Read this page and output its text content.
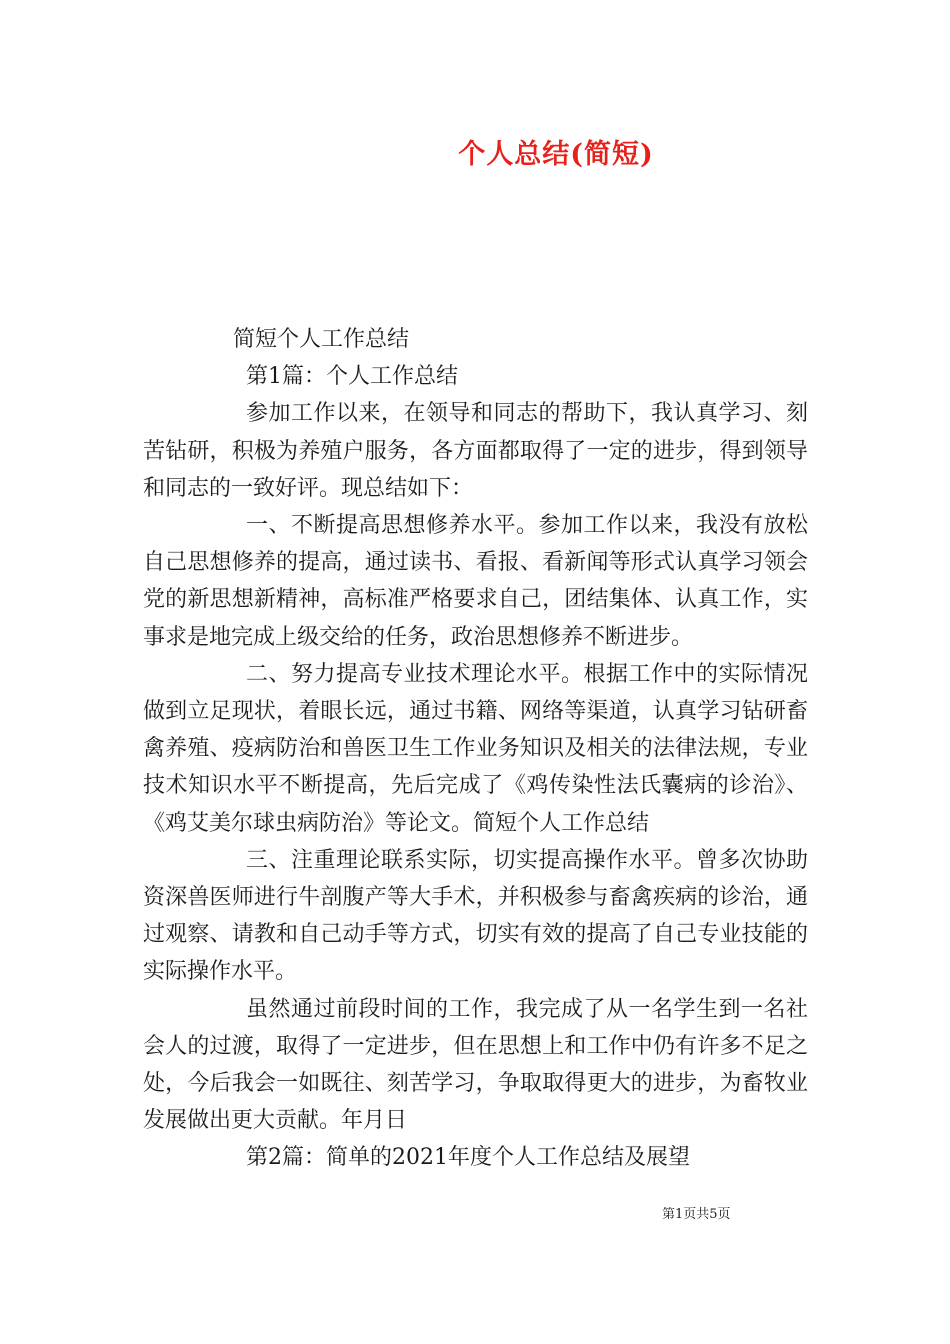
个人总结(简短)

简短个人工作总结

第1篇：个人工作总结

参加工作以来，在领导和同志的帮助下，我认真学习、刻苦钻研，积极为养殖户服务，各方面都取得了一定的进步，得到领导和同志的一致好评。现总结如下：

一、不断提高思想修养水平。参加工作以来，我没有放松自己思想修养的提高，通过读书、看报、看新闻等形式认真学习领会党的新思想新精神，高标准严格要求自己，团结集体、认真工作，实事求是地完成上级交给的任务，政治思想修养不断进步。

二、努力提高专业技术理论水平。根据工作中的实际情况做到立足现状，着眼长远，通过书籍、网络等渠道，认真学习钻研畜禽养殖、疫病防治和兽医卫生工作业务知识及相关的法律法规，专业技术知识水平不断提高，先后完成了《鸡传染性法氏囊病的诊治》、《鸡艾美尔球虫病防治》等论文。简短个人工作总结

三、注重理论联系实际，切实提高操作水平。曾多次协助资深兽医师进行牛剖腹产等大手术，并积极参与畜禽疾病的诊治，通过观察、请教和自己动手等方式，切实有效的提高了自己专业技能的实际操作水平。

虽然通过前段时间的工作，我完成了从一名学生到一名社会人的过渡，取得了一定进步，但在思想上和工作中仍有许多不足之处，今后我会一如既往、刻苦学习，争取取得更大的进步，为畜牧业发展做出更大贡献。年月日

第2篇：简单的2021年度个人工作总结及展望

第1页共5页
